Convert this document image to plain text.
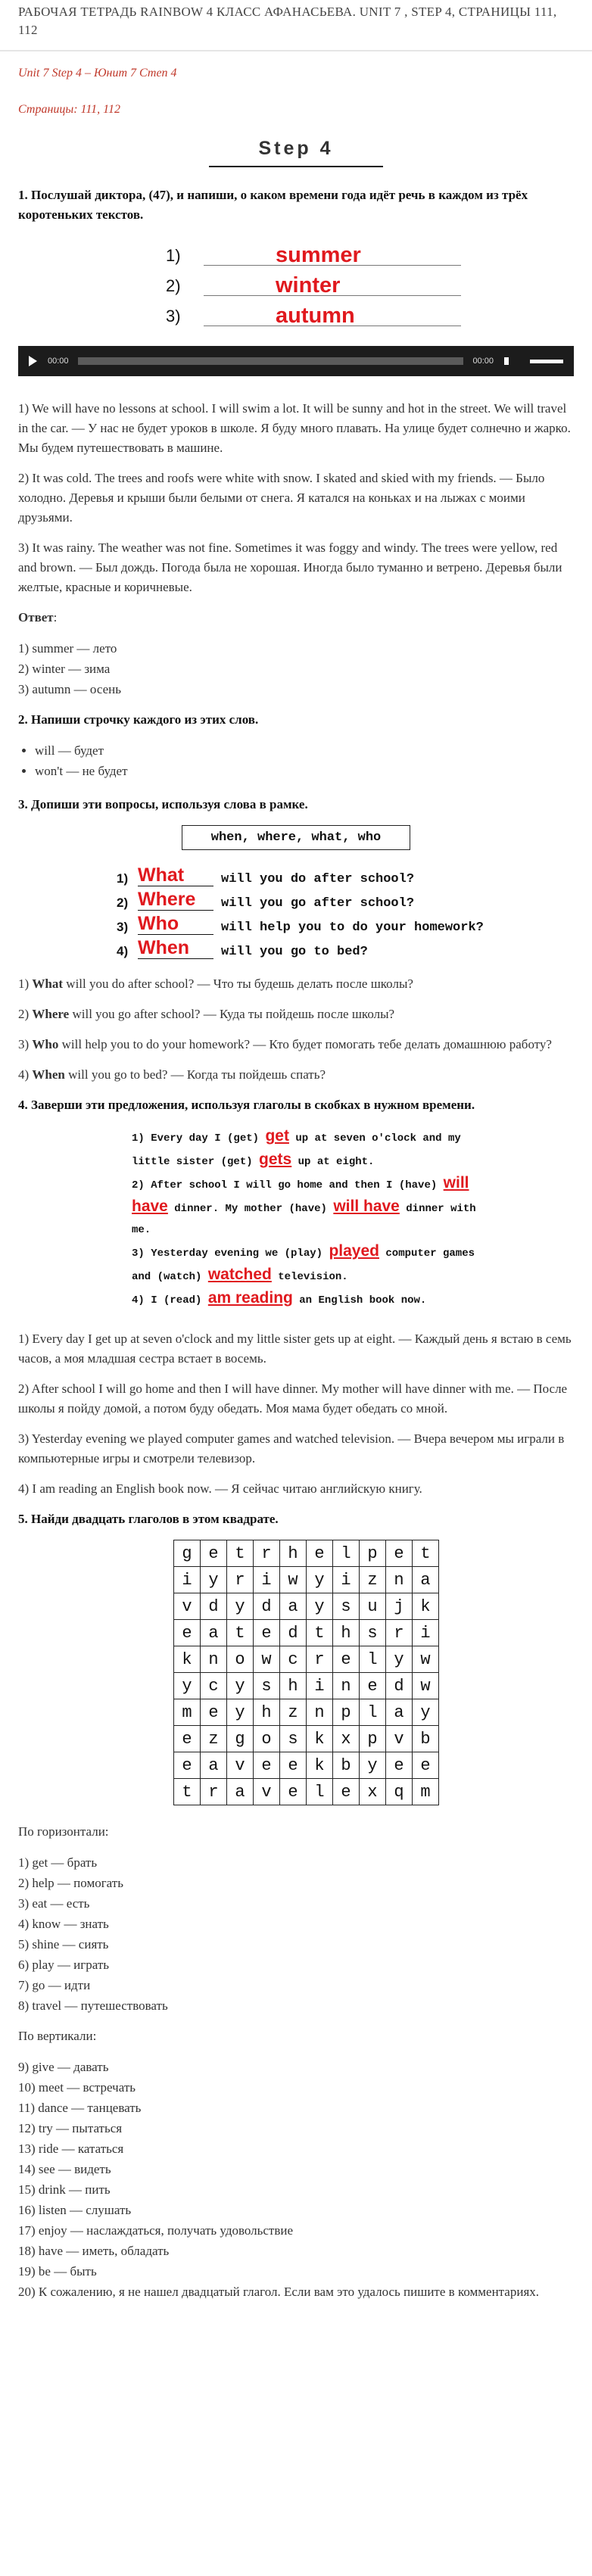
РАБОЧАЯ ТЕТРАДЬ RAINBOW 4 КЛАСС АФАНАСЬЕВА. UNIT 7 , STEP 4, СТРАНИЦЫ 111, 112
Unit 7 Step 4 – Юнит 7 Степ 4
Страницы: 111, 112
Step 4
1. Послушай диктора, (47), и напиши, о каком времени года идёт речь в каждом из трёх коротеньких текстов.
1)	summer
2)	winter
3)	autumn
00:00	00:00

1) We will have no lessons at school. I will swim a lot. It will be sunny and hot in the street. We will travel in the car. — У нас не будет уроков в школе. Я буду много плавать. На улице будет солнечно и жарко. Мы будем путешествовать в машине.

2) It was cold. The trees and roofs were white with snow. I skated and skied with my friends. — Было холодно. Деревья и крыши были белыми от снега. Я катался на коньках и на лыжах с моими друзьями.

3) It was rainy. The weather was not fine. Sometimes it was foggy and windy. The trees were yellow, red and brown. — Был дождь. Погода была не хорошая. Иногда было туманно и ветрено. Деревья были желтые, красные и коричневые.

Ответ:

1) summer — лето
2) winter — зима
3) autumn — осень
2. Напиши строчку каждого из этих слов.
• will — будет
• won't — не будет
3. Допиши эти вопросы, используя слова в рамке.
when, where, what, who
1) What	will you do after school?
2) Where	will you go after school?
3) Who	will help you to do your homework?
4) When	will you go to bed?

1) What will you do after school? — Что ты будешь делать после школы?

2) Where will you go after school? — Куда ты пойдешь после школы?

3) Who will help you to do your homework? — Кто будет помогать тебе делать домашнюю работу?

4) When will you go to bed? — Когда ты пойдешь спать?

4. Заверши эти предложения, используя глаголы в скобках в нужном времени.
1) Every day I (get) get up at seven o'clock and my little sister (get) gets up at eight.
2) After school I will go home and then I (have) will have dinner. My mother (have) will have dinner with me.
3) Yesterday evening we (play) played computer games and (watch) watched television.
4) I (read) am reading an English book now.

1) Every day I get up at seven o'clock and my little sister gets up at eight. — Каждый день я встаю в семь часов, а моя младшая сестра встает в восемь.

2) After school I will go home and then I will have dinner. My mother will have dinner with me. — После школы я пойду домой, а потом буду обедать. Моя мама будет обедать со мной.

3) Yesterday evening we played computer games and watched television. — Вчера вечером мы играли в компьютерные игры и смотрели телевизор.

4) I am reading an English book now. — Я сейчас читаю английскую книгу.

5. Найди двадцать глаголов в этом квадрате.
g	e	t	r	h	e	l	p	e	t
i	y	r	i	w	y	i	z	n	a
v	d	y	d	a	y	s	u	j	k
e	a	t	e	d	t	h	s	r	i
k	n	o	w	c	r	e	l	y	w
y	c	y	s	h	i	n	e	d	w
m	e	y	h	z	n	p	l	a	y
e	z	g	o	s	k	x	p	v	b
e	a	v	e	e	k	b	y	e	e
t	r	a	v	e	l	e	x	q	m

По горизонтали:

1) get — брать
2) help — помогать
3) eat — есть
4) know — знать
5) shine — сиять
6) play — играть
7) go — идти
8) travel — путешествовать

По вертикали:

9) give — давать
10) meet — встречать
11) dance — танцевать
12) try — пытаться
13) ride — кататься
14) see — видеть
15) drink — пить
16) listen — слушать
17) enjoy — наслаждаться, получать удовольствие
18) have — иметь, обладать
19) be — быть
20) К сожалению, я не нашел двадцатый глагол. Если вам это удалось пишите в комментариях.
